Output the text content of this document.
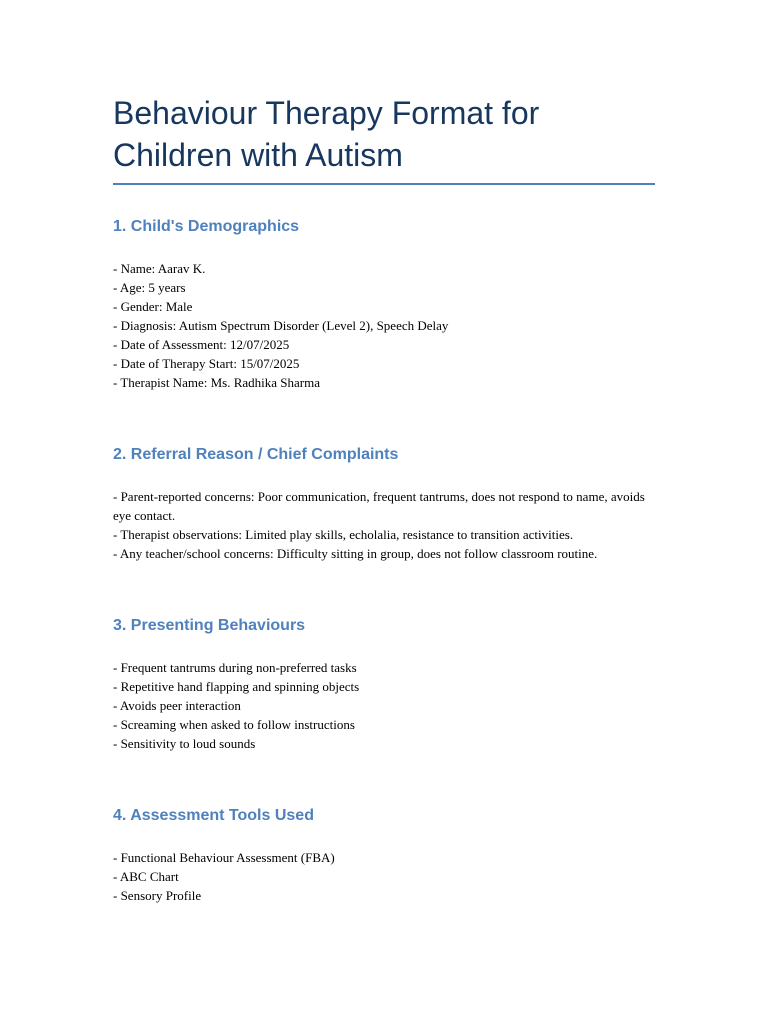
Behaviour Therapy Format for Children with Autism
1. Child's Demographics

- Name: Aarav K.
- Age: 5 years
- Gender: Male
- Diagnosis: Autism Spectrum Disorder (Level 2), Speech Delay
- Date of Assessment: 12/07/2025
- Date of Therapy Start: 15/07/2025
- Therapist Name: Ms. Radhika Sharma

2. Referral Reason / Chief Complaints

- Parent-reported concerns: Poor communication, frequent tantrums, does not respond to name, avoids eye contact.
- Therapist observations: Limited play skills, echolalia, resistance to transition activities.
- Any teacher/school concerns: Difficulty sitting in group, does not follow classroom routine.

3. Presenting Behaviours

- Frequent tantrums during non-preferred tasks
- Repetitive hand flapping and spinning objects
- Avoids peer interaction
- Screaming when asked to follow instructions
- Sensitivity to loud sounds

4. Assessment Tools Used

- Functional Behaviour Assessment (FBA)
- ABC Chart
- Sensory Profile
